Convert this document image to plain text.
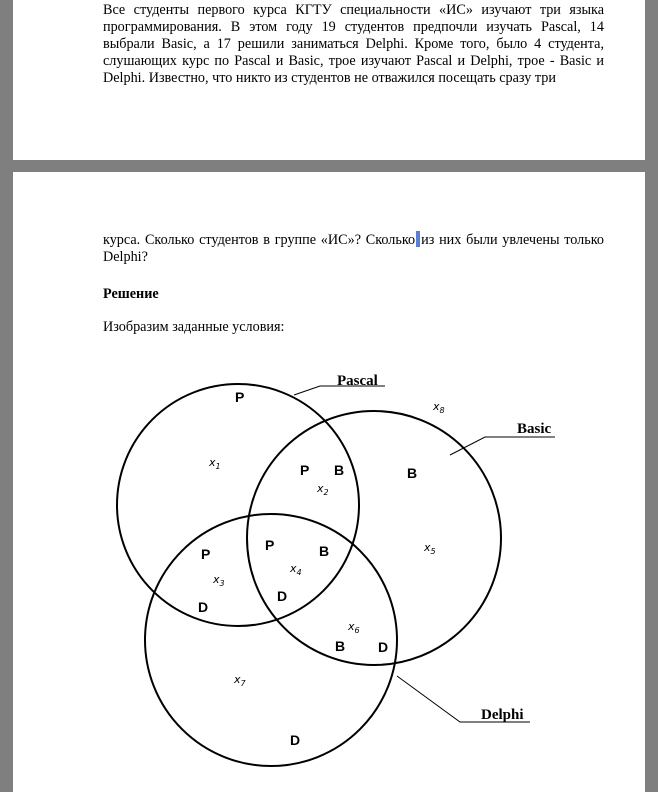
Все студенты первого курса КГТУ специальности «ИС» изучают три языка программирования. В этом году 19 студентов предпочли изучать Pascal, 14 выбрали Basic, а 17 решили заниматься Delphi. Кроме того, было 4 студента, слушающих курс по Pascal и Basic, трое изучают Pascal и Delphi, трое - Basic и Delphi. Известно, что никто из студентов не отважился посещать сразу три

курса. Сколько студентов в группе «ИС»? Сколько из них были увлечены только Delphi?

Решение

Изобразим заданные условия:

Pascal
Basic
Delphi
P
P B	B
P
D
P	B
D
B D
D
$x_1$
$x_2$
$x_3$
$x_4$
$x_5$
$x_6$
$x_7$
$x_8$
